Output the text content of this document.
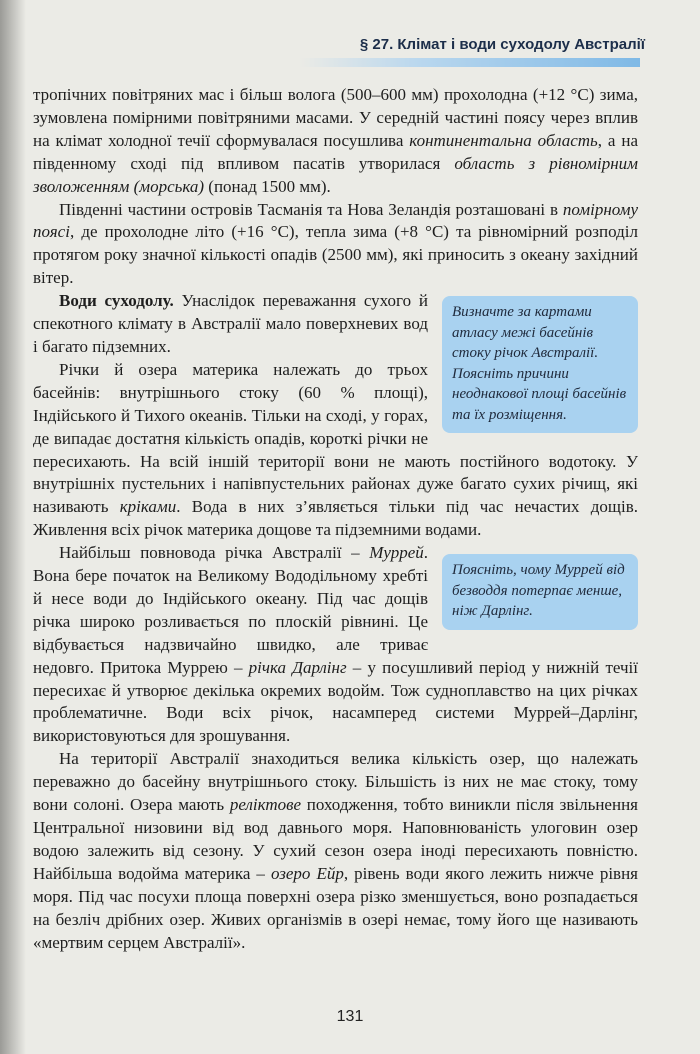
§ 27. Клімат і води суходолу Австралії

тропічних повітряних мас і більш волога (500–600 мм) прохолодна (+12 °С) зима, зумовлена помірними повітряними масами. У середній частині поясу через вплив на клімат холодної течії сформувалася посушлива континентальна область, а на південному сході під впливом пасатів утворилася область з рівномірним зволоженням (морська) (понад 1500 мм).

Південні частини островів Тасманія та Нова Зеландія розташовані в помірному поясі, де прохолодне літо (+16 °С), тепла зима (+8 °С) та рівномірний розподіл протягом року значної кількості опадів (2500 мм), які приносить з океану західний вітер.

Визначте за картами атласу межі басейнів стоку річок Австралії. Поясніть причини неоднакової площі басейнів та їх розміщення.

Води суходолу. Унаслідок переважання сухого й спекотного клімату в Австралії мало поверхневих вод і багато підземних.

Річки й озера материка належать до трьох басейнів: внутрішнього стоку (60 % площі), Індійського й Тихого океанів. Тільки на сході, у горах, де випадає достатня кількість опадів, короткі річки не пересихають. На всій іншій території вони не мають постійного водотоку. У внутрішніх пустельних і напівпустельних районах дуже багато сухих річищ, які називають кріками. Вода в них з’являється тільки під час нечастих дощів. Живлення всіх річок материка дощове та підземними водами.

Поясніть, чому Муррей від безводдя потерпає менше, ніж Дарлінг.

Найбільш повновода річка Австралії – Муррей. Вона бере початок на Великому Вододільному хребті й несе води до Індійського океану. Під час дощів річка широко розливається по плоскій рівнині. Це відбувається надзвичайно швидко, але триває недовго. Притока Муррею – річка Дарлінг – у посушливий період у нижній течії пересихає й утворює декілька окремих водойм. Тож судноплавство на цих річках проблематичне. Води всіх річок, насамперед системи Муррей–Дарлінг, використовуються для зрошування.

На території Австралії знаходиться велика кількість озер, що належать переважно до басейну внутрішнього стоку. Більшість із них не має стоку, тому вони солоні. Озера мають реліктове походження, тобто виникли після звільнення Центральної низовини від вод давнього моря. Наповнюваність улоговин озер водою залежить від сезону. У сухий сезон озера іноді пересихають повністю. Найбільша водойма материка – озеро Ейр, рівень води якого лежить нижче рівня моря. Під час посухи площа поверхні озера різко зменшується, воно розпадається на безліч дрібних озер. Живих організмів в озері немає, тому його ще називають «мертвим серцем Австралії».

131
